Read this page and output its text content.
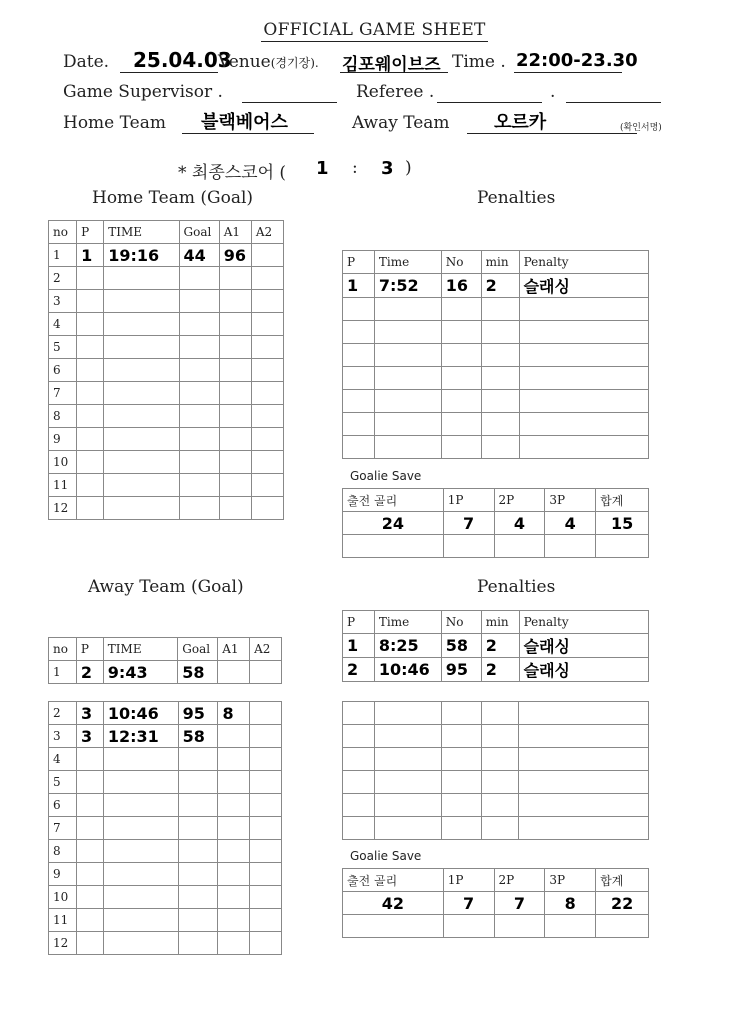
OFFICIAL GAME SHEET
Date. 25.04.03
Venue(경기장). 김포웨이브즈 Time . 22:00-23.30
Game Supervisor .	Referee .	.
Home Team 블랙베어스	Away Team 오르카	(확인서명)
* 최종스코어 ( 1 : 3 )
Home Team (Goal)	Penalties
Away Team (Goal)	Penalties
no	P	TIME	Goal	A1	A2
1	1	19:16	44	96	
2					
3					
4					
5					
6					
7					
8					
9					
10					
11					
12					
P	Time	No	min	Penalty
1	7:52	16	2	슬래싱

Goalie Save
출전 골리	1P	2P	3P	합계
24	7	4	4	15

no	P	TIME	Goal	A1	A2
1	2	9:43	58		
2	3	10:46	95	8	
3	3	12:31	58		
4					
5					
6					
7					
8					
9					
10					
11					
12					
P	Time	No	min	Penalty
1	8:25	58	2	슬래싱
2	10:46	95	2	슬래싱

Goalie Save
출전 골리	1P	2P	3P	합계
42	7	7	8	22
